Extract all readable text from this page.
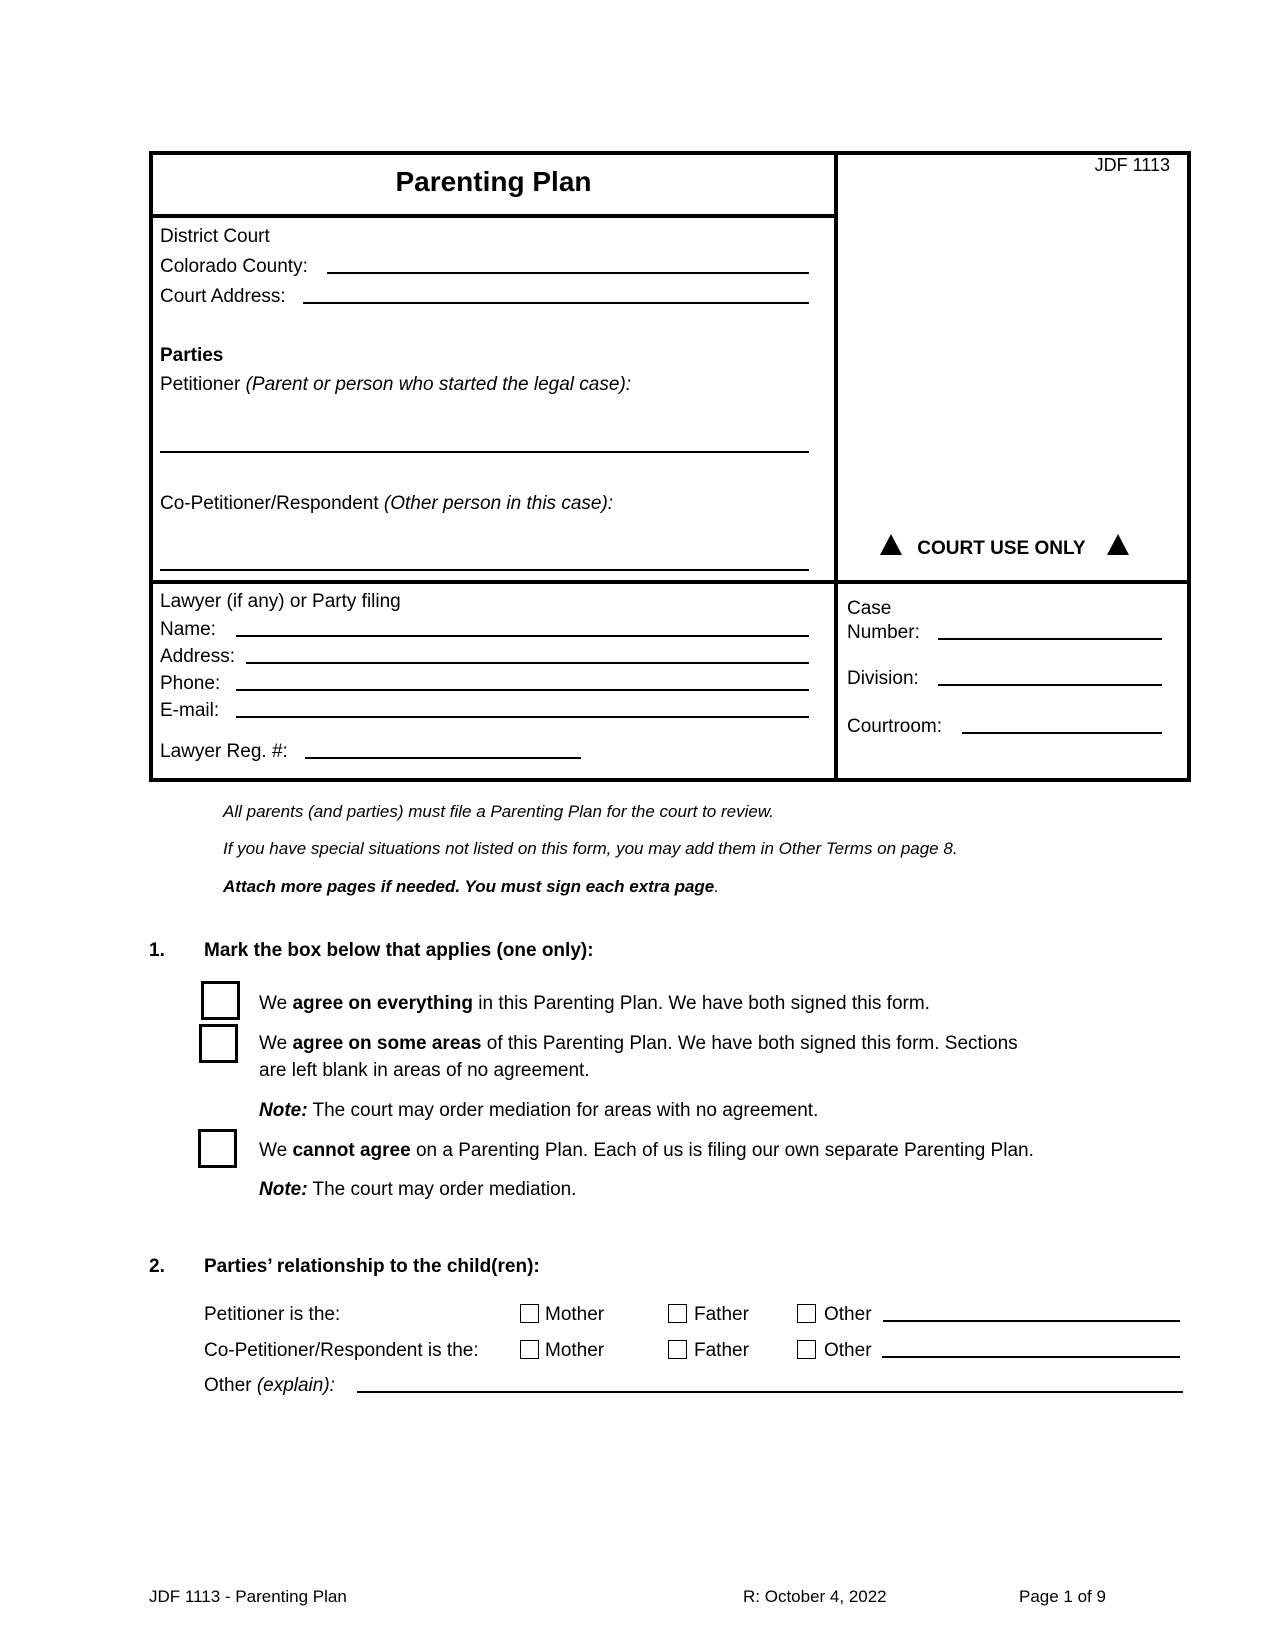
Parenting Plan
JDF 1113
District Court
Colorado County:
Court Address:
Parties
Petitioner (Parent or person who started the legal case):
Co-Petitioner/Respondent (Other person in this case):
COURT USE ONLY
Lawyer (if any) or Party filing
Name:
Address:
Phone:
E-mail:
Lawyer Reg. #:
Case
Number:
Division:
Courtroom:
All parents (and parties) must file a Parenting Plan for the court to review.
If you have special situations not listed on this form, you may add them in Other Terms on page 8.
Attach more pages if needed. You must sign each extra page.
1. Mark the box below that applies (one only):
We agree on everything in this Parenting Plan. We have both signed this form.
We agree on some areas of this Parenting Plan. We have both signed this form. Sections
are left blank in areas of no agreement.
Note: The court may order mediation for areas with no agreement.
We cannot agree on a Parenting Plan. Each of us is filing our own separate Parenting Plan.
Note: The court may order mediation.
2. Parties’ relationship to the child(ren):
Petitioner is the:	Mother	Father	Other
Co-Petitioner/Respondent is the:	Mother	Father	Other
Other (explain):
JDF 1113 - Parenting Plan	R: October 4, 2022	Page 1 of 9
